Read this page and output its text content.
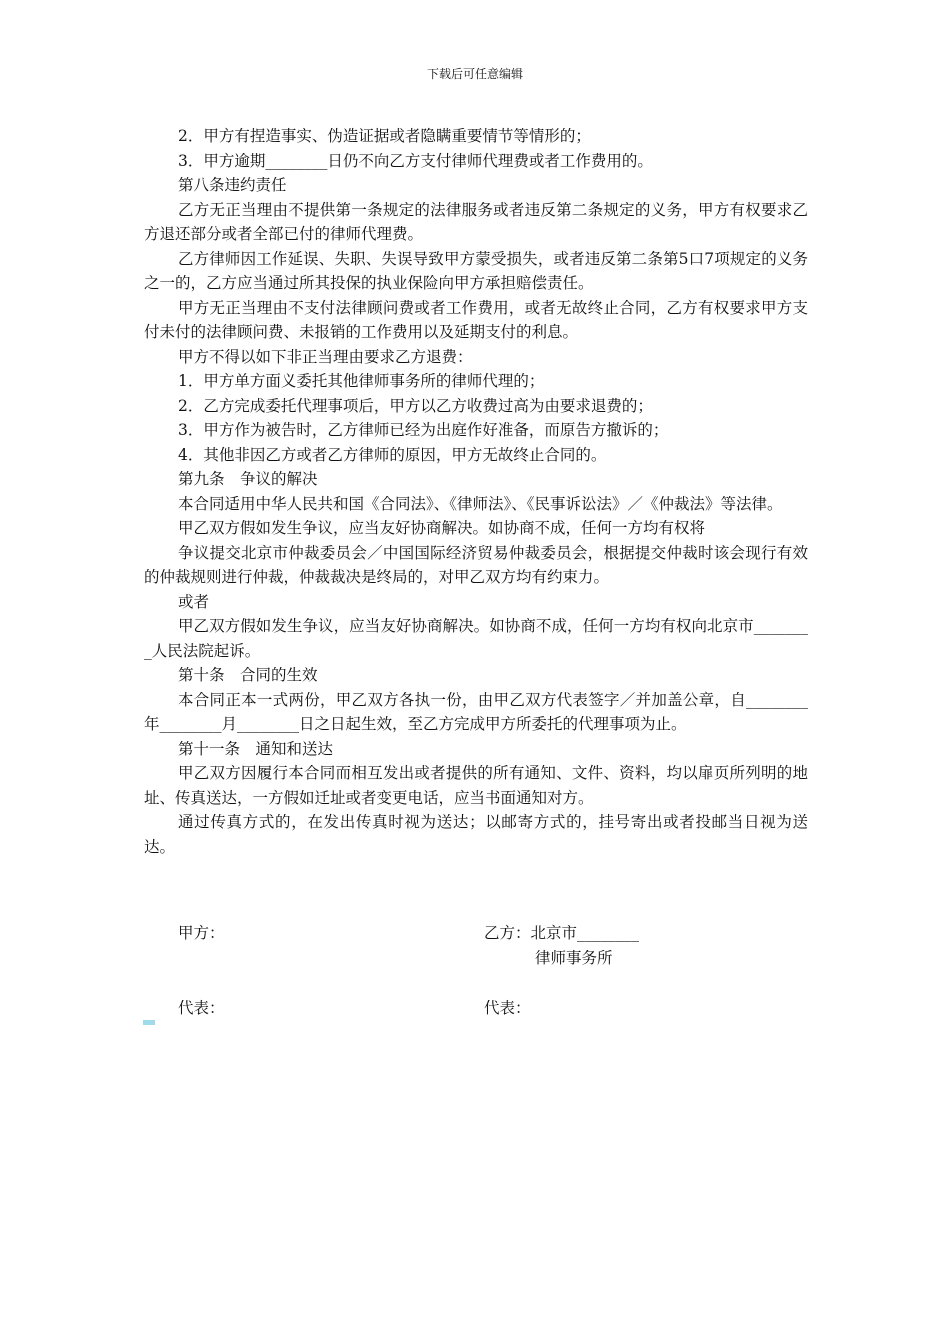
下载后可任意编辑

2．甲方有捏造事实、伪造证据或者隐瞒重要情节等情形的；

3．甲方逾期________日仍不向乙方支付律师代理费或者工作费用的。

第八条违约责任

乙方无正当理由不提供第一条规定的法律服务或者违反第二条规定的义务，甲方有权要求乙方退还部分或者全部已付的律师代理费。

乙方律师因工作延误、失职、失误导致甲方蒙受损失，或者违反第二条第5口7项规定的义务之一的，乙方应当通过所其投保的执业保险向甲方承担赔偿责任。

甲方无正当理由不支付法律顾问费或者工作费用，或者无故终止合同，乙方有权要求甲方支付未付的法律顾问费、未报销的工作费用以及延期支付的利息。

甲方不得以如下非正当理由要求乙方退费：

1．甲方单方面义委托其他律师事务所的律师代理的；

2．乙方完成委托代理事项后，甲方以乙方收费过高为由要求退费的；

3．甲方作为被告时，乙方律师已经为出庭作好准备，而原告方撤诉的；

4．其他非因乙方或者乙方律师的原因，甲方无故终止合同的。

第九条　争议的解决

本合同适用中华人民共和国《合同法》、《律师法》、《民事诉讼法》／《仲裁法》等法律。

甲乙双方假如发生争议，应当友好协商解决。如协商不成，任何一方均有权将

争议提交北京市仲裁委员会／中国国际经济贸易仲裁委员会，根据提交仲裁时该会现行有效的仲裁规则进行仲裁，仲裁裁决是终局的，对甲乙双方均有约束力。

或者

甲乙双方假如发生争议，应当友好协商解决。如协商不成，任何一方均有权向北京市________人民法院起诉。

第十条　合同的生效

本合同正本一式两份，甲乙双方各执一份，由甲乙双方代表签字／并加盖公章，自________年________月________日之日起生效，至乙方完成甲方所委托的代理事项为止。

第十一条　通知和送达

甲乙双方因履行本合同而相互发出或者提供的所有通知、文件、资料，均以扉页所列明的地址、传真送达，一方假如迁址或者变更电话，应当书面通知对方。

通过传真方式的，在发出传真时视为送达；以邮寄方式的，挂号寄出或者投邮当日视为送达。

甲方：	乙方：北京市________
律师事务所
代表：	代表：
